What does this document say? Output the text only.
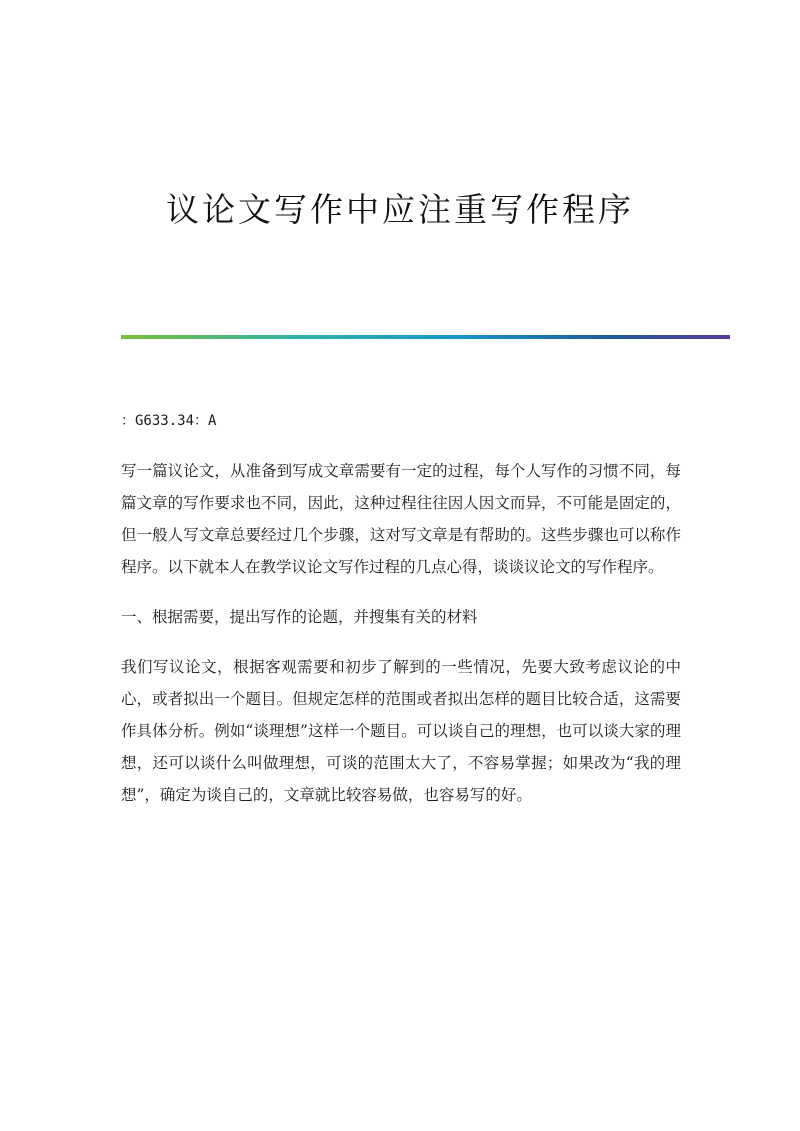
议论文写作中应注重写作程序

：G633.34：A

写一篇议论文，从准备到写成文章需要有一定的过程，每个人写作的习惯不同，每篇文章的写作要求也不同，因此，这种过程往往因人因文而异，不可能是固定的，但一般人写文章总要经过几个步骤，这对写文章是有帮助的。这些步骤也可以称作程序。以下就本人在教学议论文写作过程的几点心得，谈谈议论文的写作程序。

一、根据需要，提出写作的论题，并搜集有关的材料

我们写议论文，根据客观需要和初步了解到的一些情况，先要大致考虑议论的中心，或者拟出一个题目。但规定怎样的范围或者拟出怎样的题目比较合适，这需要作具体分析。例如“谈理想”这样一个题目。可以谈自己的理想，也可以谈大家的理想，还可以谈什么叫做理想，可谈的范围太大了，不容易掌握；如果改为“我的理想”，确定为谈自己的，文章就比较容易做，也容易写的好。
